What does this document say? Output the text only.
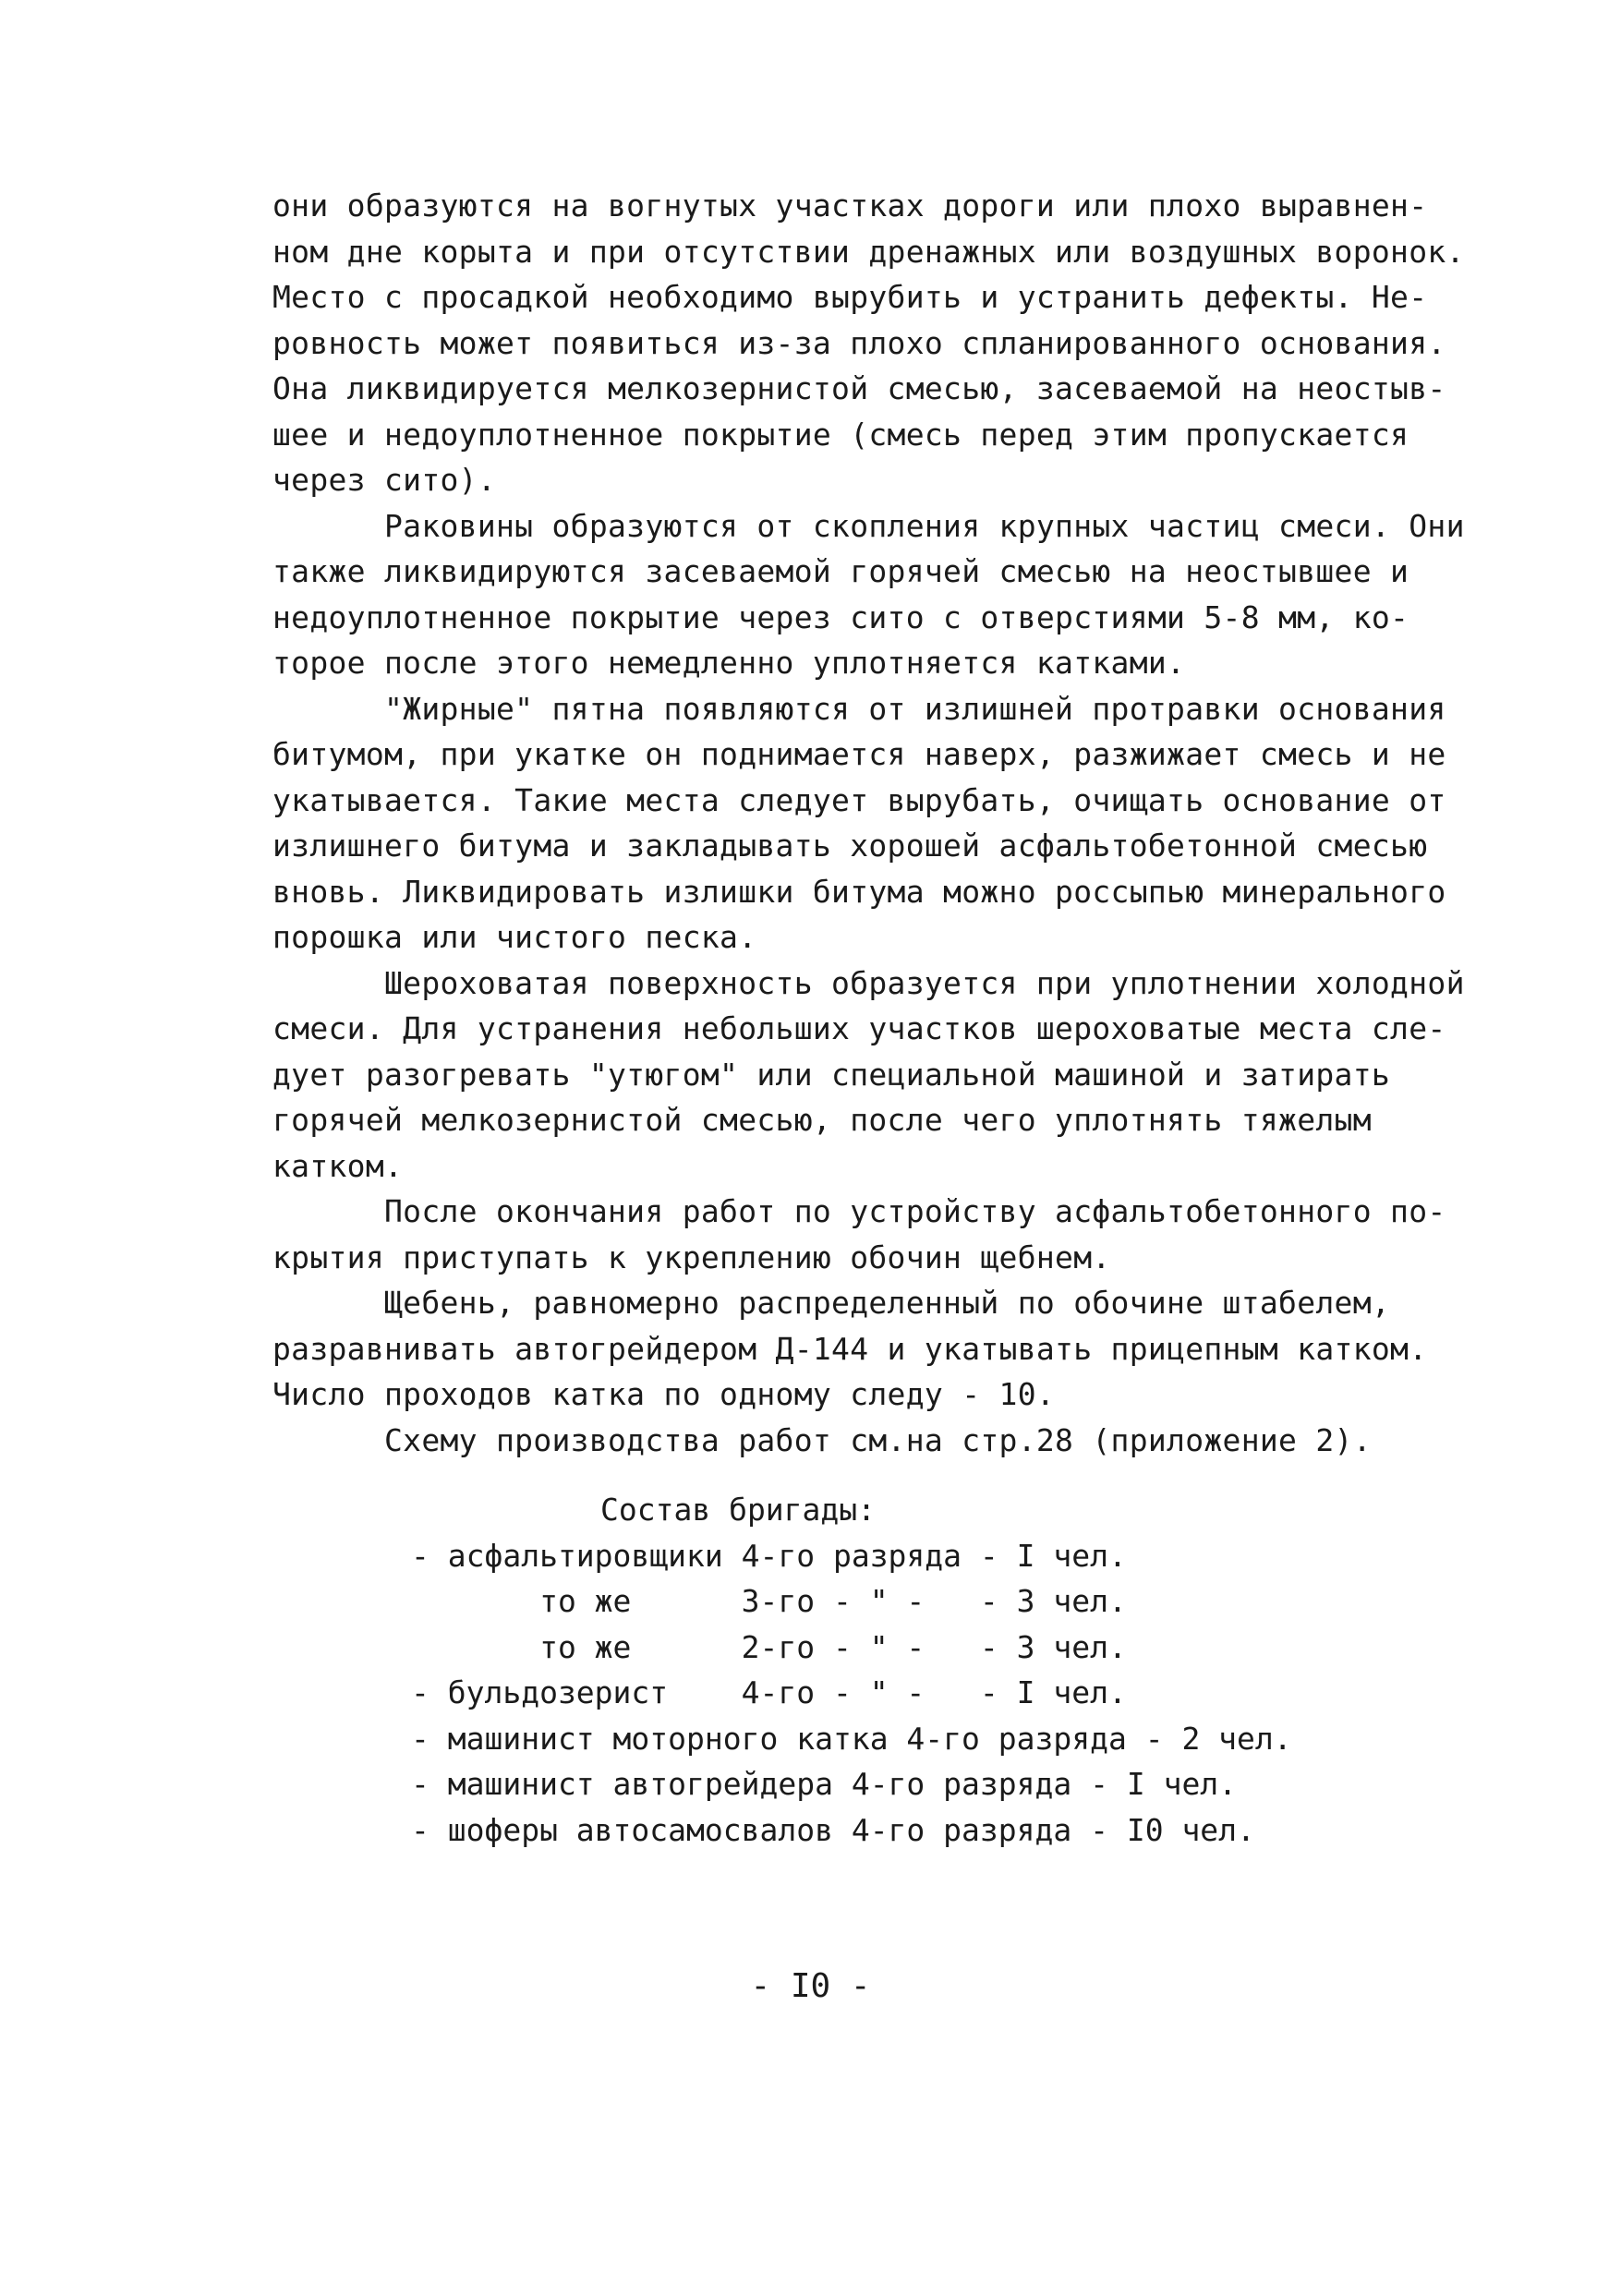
они образуются на вогнутых участках дороги или плохо выравнен-
ном дне корыта и при отсутствии дренажных или воздушных воронок.
Место с просадкой необходимо вырубить и устранить дефекты. Не-
ровность может появиться из-за плохо спланированного основания.
Она ликвидируется мелкозернистой смесью, засеваемой на неостыв-
шее и недоуплотненное покрытие (смесь перед этим пропускается
через сито).
Раковины образуются от скопления крупных частиц смеси. Они
также ликвидируются засеваемой горячей смесью на неостывшее и
недоуплотненное покрытие через сито с отверстиями 5-8 мм, ко-
торое после этого немедленно уплотняется катками.
"Жирные" пятна появляются от излишней протравки основания
битумом, при укатке он поднимается наверх, разжижает смесь и не
укатывается. Такие места следует вырубать, очищать основание от
излишнего битума и закладывать хорошей асфальтобетонной смесью
вновь. Ликвидировать излишки битума можно россыпью минерального
порошка или чистого песка.
Шероховатая поверхность образуется при уплотнении холодной
смеси. Для устранения небольших участков шероховатые места сле-
дует разогревать "утюгом" или специальной машиной и затирать
горячей мелкозернистой смесью, после чего уплотнять тяжелым
катком.
После окончания работ по устройству асфальтобетонного по-
крытия приступать к укреплению обочин щебнем.
Щебень, равномерно распределенный по обочине штабелем,
разравнивать автогрейдером Д-144 и укатывать прицепным катком.
Число проходов катка по одному следу - 10.
Схему производства работ см.на стр.28 (приложение 2).
Состав бригады:
- асфальтировщики 4-го разряда - I чел.
то же      3-го - " -   - 3 чел.
то же      2-го - " -   - 3 чел.
- бульдозерист    4-го - " -   - I чел.
- машинист моторного катка 4-го разряда - 2 чел.
- машинист автогрейдера 4-го разряда - I чел.
- шоферы автосамосвалов 4-го разряда - I0 чел.
- I0 -
